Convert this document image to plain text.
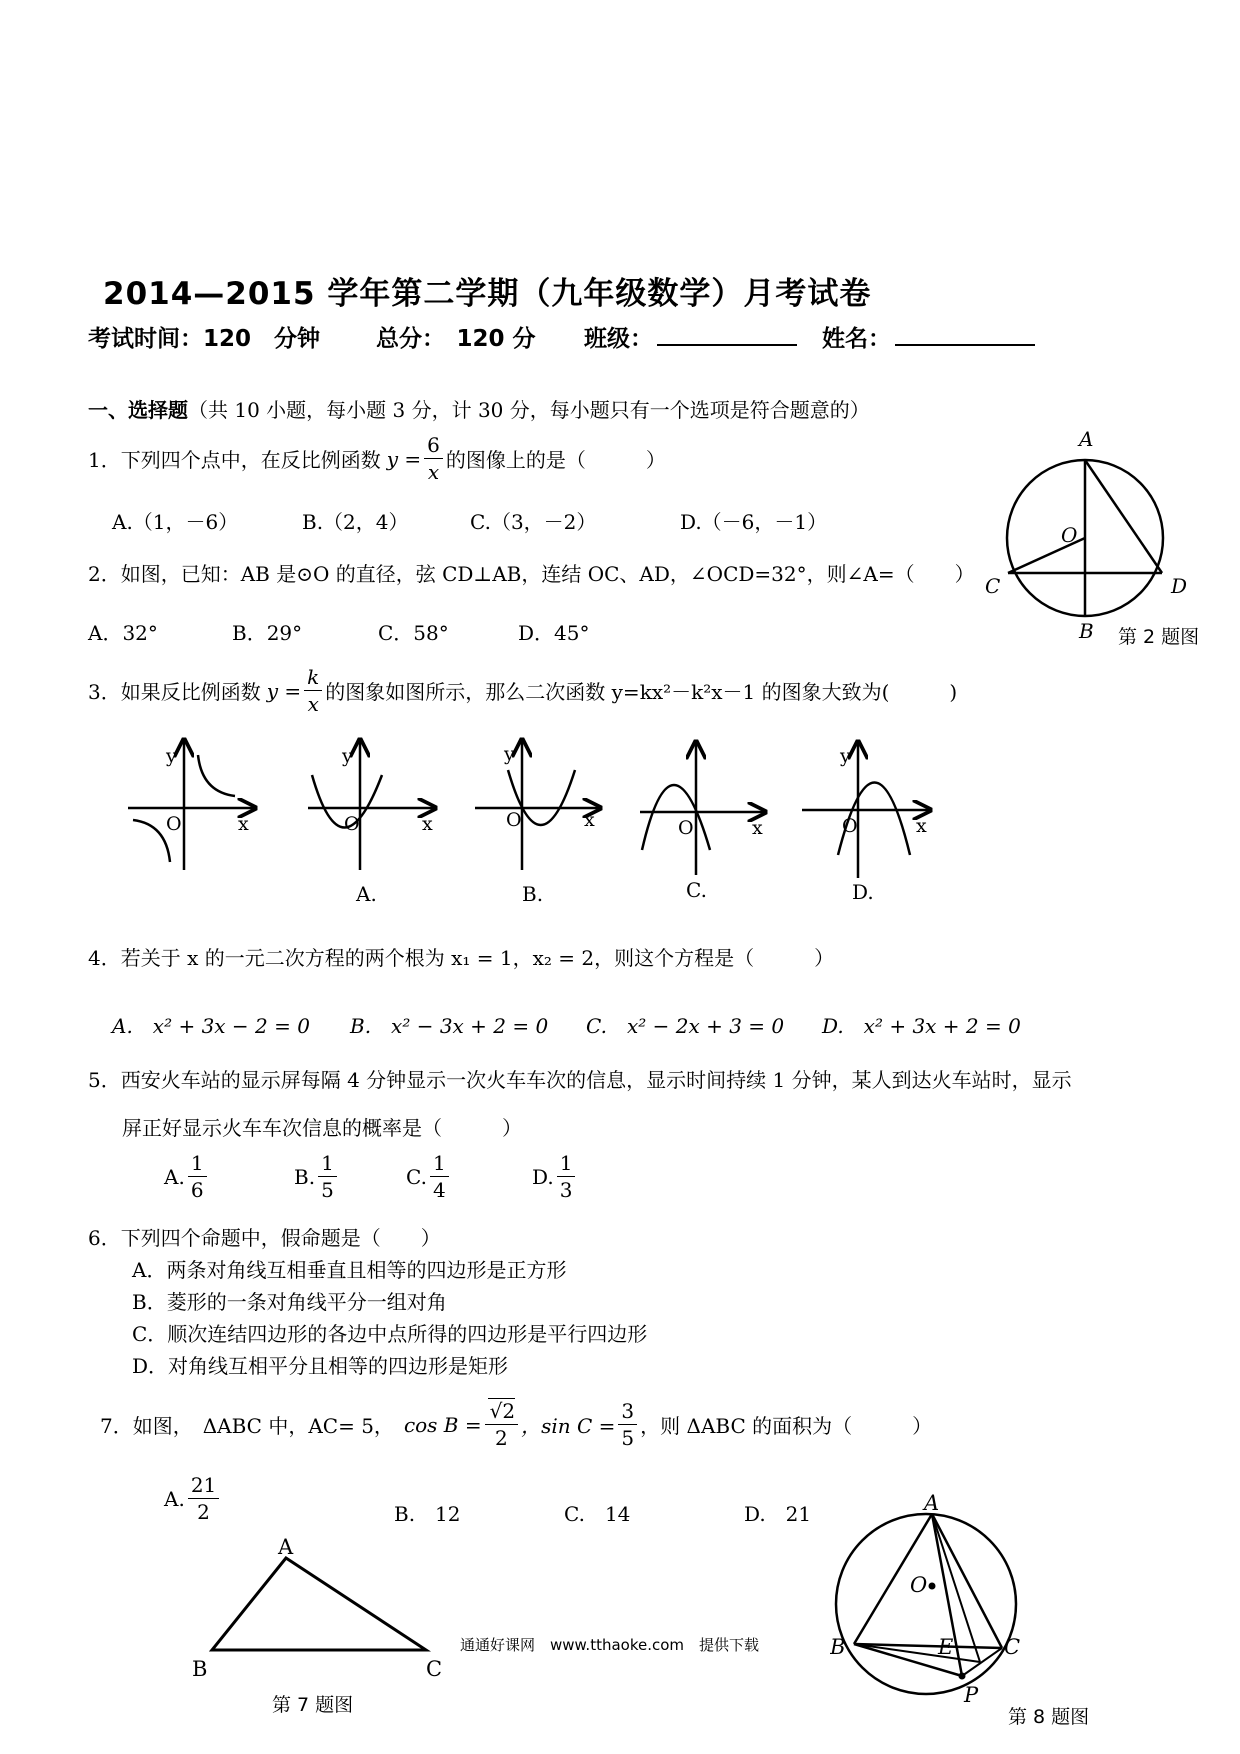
2014—2015 学年第二学期（九年级数学）月考试卷
考试时间：120　分钟 总分：　120 分 班级：	姓名：
一、选择题（共 10 小题，每小题 3 分，计 30 分，每小题只有一个选项是符合题意的）
1．下列四个点中，在反比例函数 $y = \frac{6}{x}$ 的图像上的是（　　　）
A.（1，－6）	B.（2，4）	C.（3，－2）	D.（－6，－1）
A
O
C	D
B 第 2 题图
2．如图，已知：AB 是⊙O 的直径，弦 CD⊥AB，连结 OC、AD，∠OCD=32°，则∠A=（　　）
A．32°	B．29°	C．58°	D．45°
3．如果反比例函数 $y = \frac{k}{x}$ 的图象如图所示，那么二次函数 y=kx²－k²x－1 的图象大致为(　　　)
y
O	x
y
O	x
y
O	x	O	x
y
O	x
A.	B.	C.	D.
4．若关于 x 的一元二次方程的两个根为 x₁ = 1，x₂ = 2，则这个方程是（　　　）
A.　x² + 3x − 2 = 0 B.　x² − 3x + 2 = 0 C.　x² − 2x + 3 = 0 D.　x² + 3x + 2 = 0
5．西安火车站的显示屏每隔 4 分钟显示一次火车车次的信息，显示时间持续 1 分钟，某人到达火车站时，显示
屏正好显示火车车次信息的概率是（　　　）
A. $\frac{1}{6}$	B. $\frac{1}{5}$	C. $\frac{1}{4}$	D. $\frac{1}{3}$
6．下列四个命题中，假命题是（　　）
A．两条对角线互相垂直且相等的四边形是正方形
B．菱形的一条对角线平分一组对角
C．顺次连结四边形的各边中点所得的四边形是平行四边形
D．对角线互相平分且相等的四边形是矩形
7．如图，　ΔABC 中，AC= 5， $\cos B = \frac{√2}{2}$ ，$\sin C = \frac{3}{5}$ ，则 ΔABC 的面积为（　　　）
A. $\frac{21}{2}$	B.　12	C.　14	D.　21
A
B	C
第 7 题图
通通好课网　www.tthaoke.com　提供下载
A
O
B	E C
P
第 8 题图
